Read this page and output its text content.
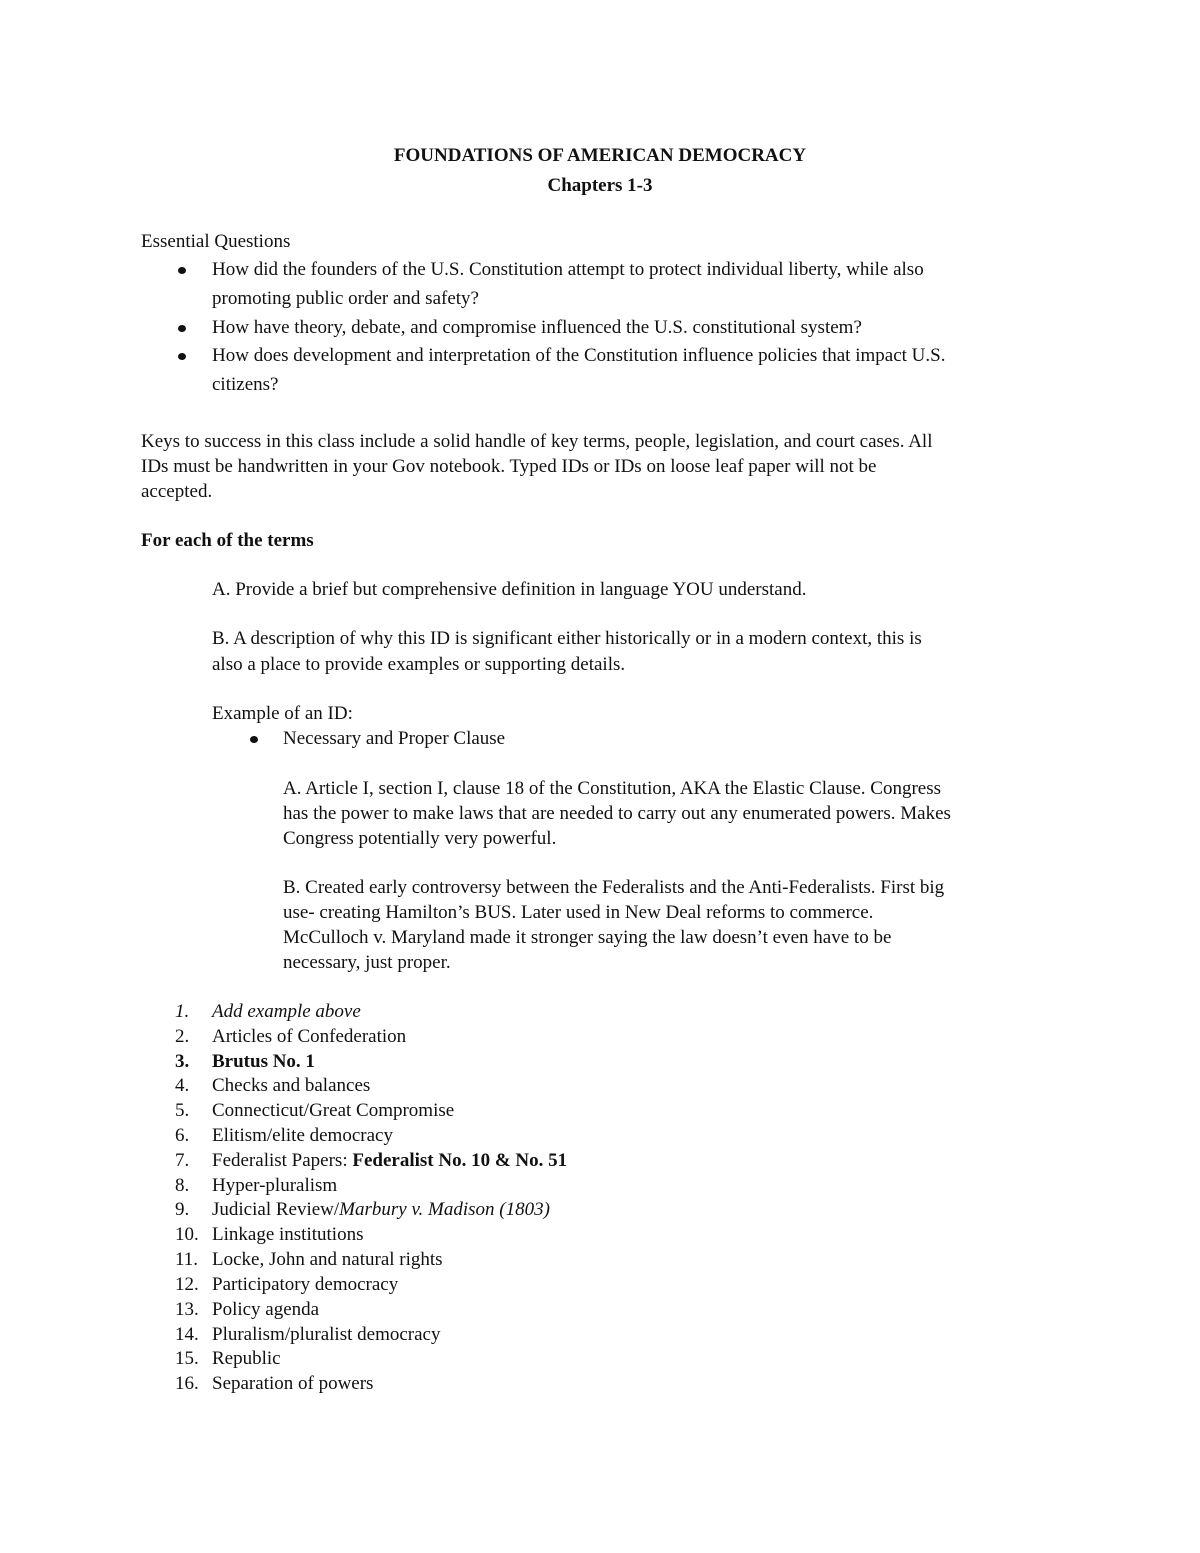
FOUNDATIONS OF AMERICAN DEMOCRACY
Chapters 1-3
Essential Questions
How did the founders of the U.S. Constitution attempt to protect individual liberty, while also
promoting public order and safety?
How have theory, debate, and compromise influenced the U.S. constitutional system?
How does development and interpretation of the Constitution influence policies that impact U.S.
citizens?
Keys to success in this class include a solid handle of key terms, people, legislation, and court cases. All
IDs must be handwritten in your Gov notebook. Typed IDs or IDs on loose leaf paper will not be
accepted.
For each of the terms
A. Provide a brief but comprehensive definition in language YOU understand.
B. A description of why this ID is significant either historically or in a modern context, this is
also a place to provide examples or supporting details.
Example of an ID:
Necessary and Proper Clause
A. Article I, section I, clause 18 of the Constitution, AKA the Elastic Clause. Congress
has the power to make laws that are needed to carry out any enumerated powers. Makes
Congress potentially very powerful.
B. Created early controversy between the Federalists and the Anti-Federalists. First big
use- creating Hamilton’s BUS. Later used in New Deal reforms to commerce.
McCulloch v. Maryland made it stronger saying the law doesn’t even have to be
necessary, just proper.
1. Add example above
2. Articles of Confederation
3. Brutus No. 1
4. Checks and balances
5. Connecticut/Great Compromise
6. Elitism/elite democracy
7. Federalist Papers: Federalist No. 10 & No. 51
8. Hyper-pluralism
9. Judicial Review/Marbury v. Madison (1803)
10. Linkage institutions
11. Locke, John and natural rights
12. Participatory democracy
13. Policy agenda
14. Pluralism/pluralist democracy
15. Republic
16. Separation of powers
